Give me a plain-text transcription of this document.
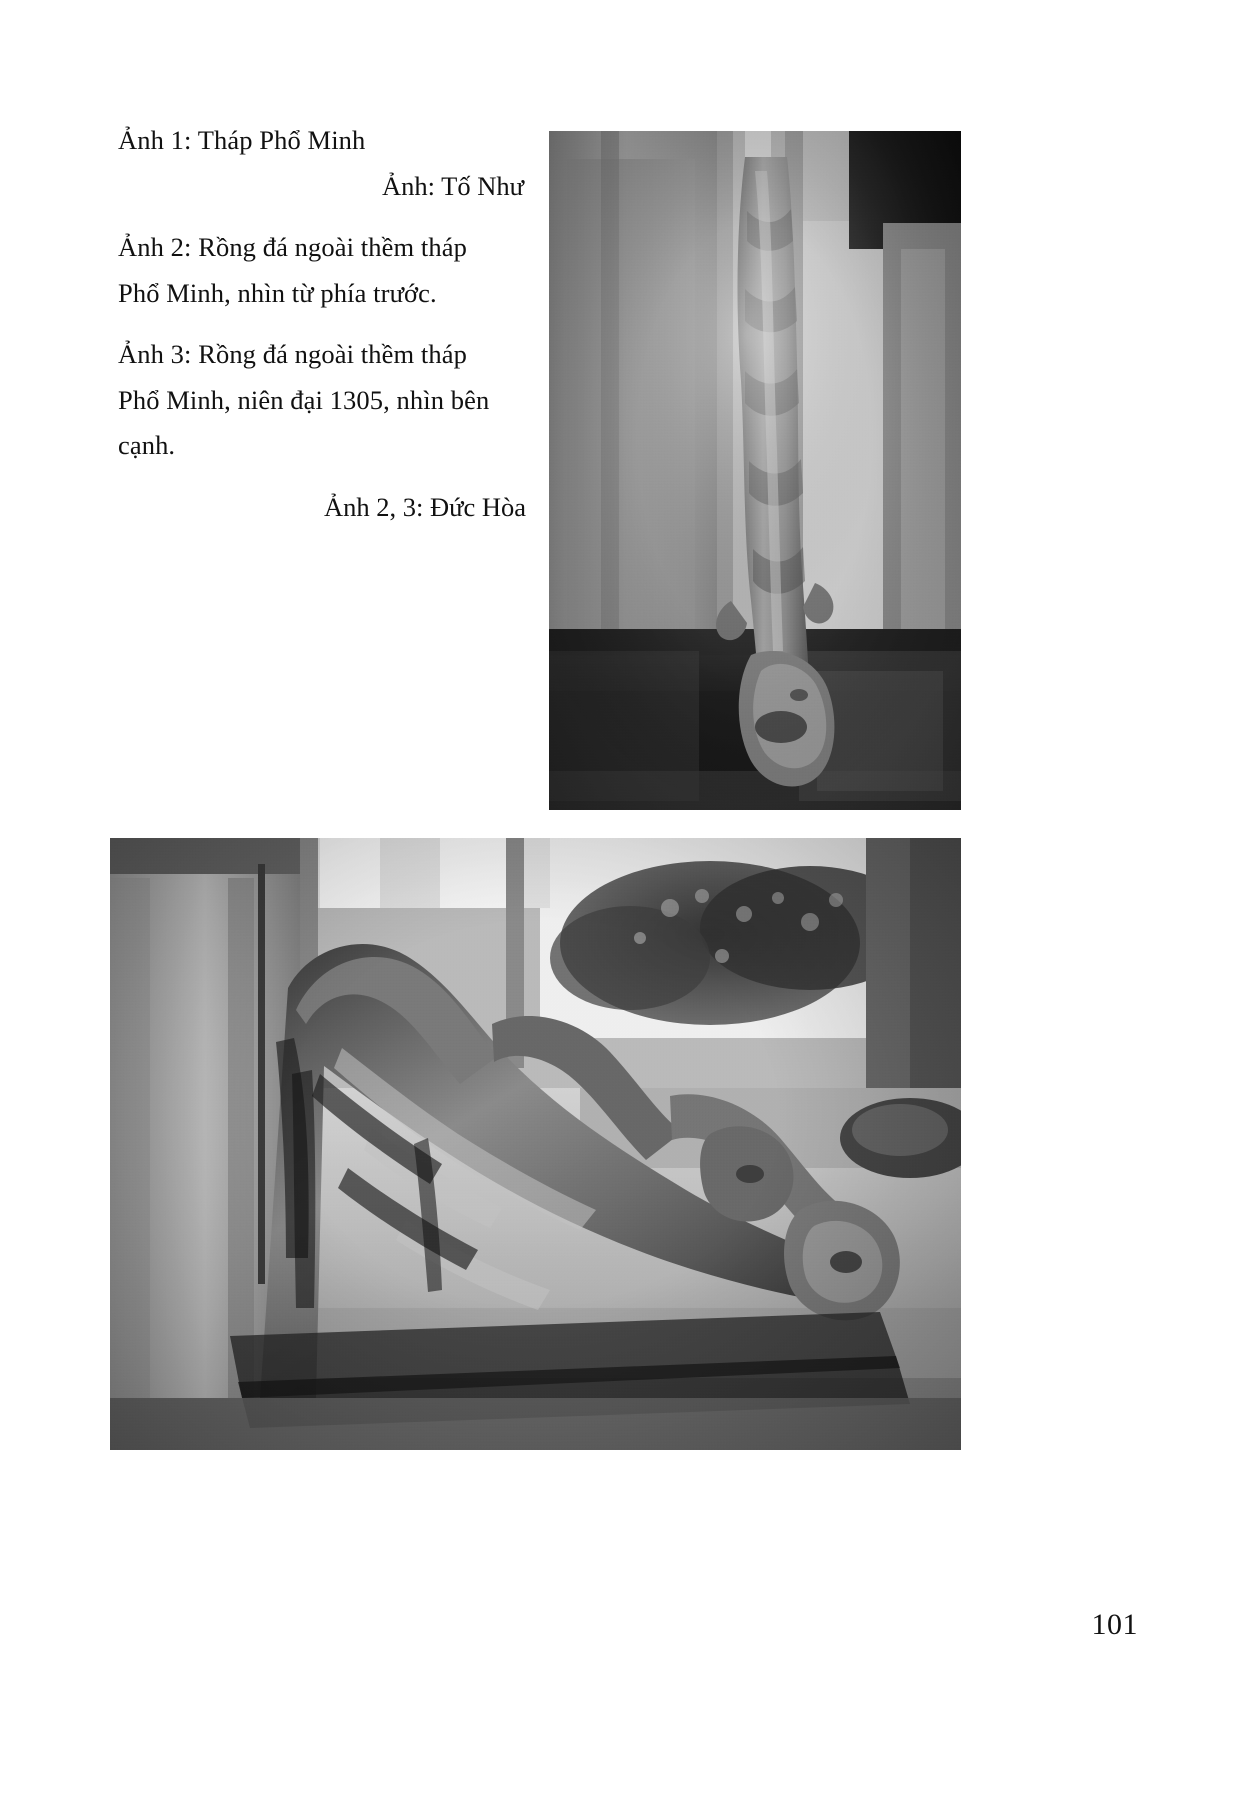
Ảnh 1: Tháp Phổ Minh
Ảnh: Tố Như
Ảnh 2: Rồng đá ngoài thềm tháp
Phổ Minh, nhìn từ phía trước.
Ảnh 3: Rồng đá ngoài thềm tháp
Phổ Minh, niên đại 1305, nhìn bên
cạnh.
Ảnh 2, 3: Đức Hòa
101
